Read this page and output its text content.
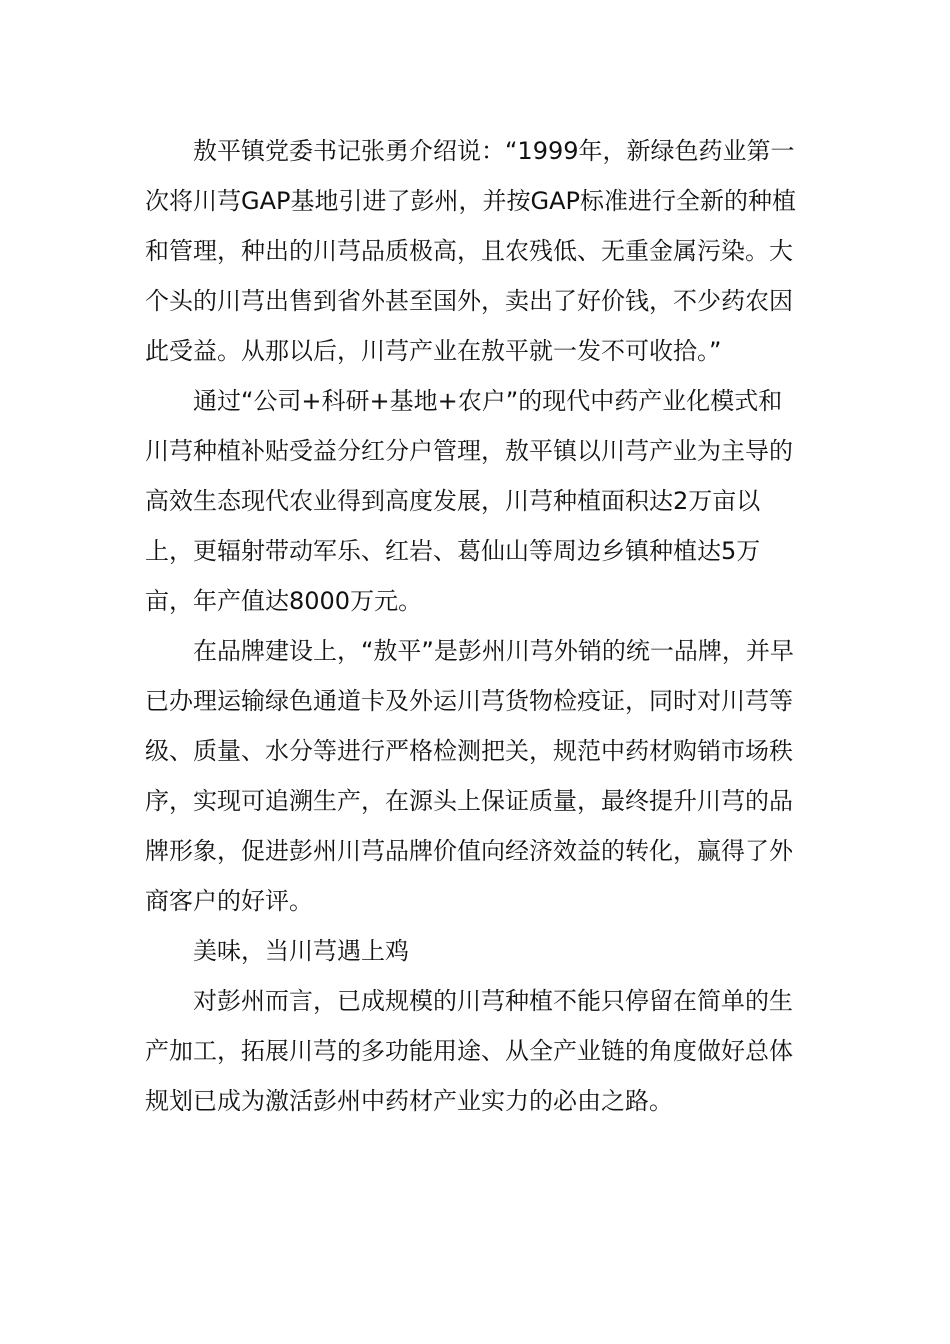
敖平镇党委书记张勇介绍说：“1999年，新绿色药业第一次将川芎GAP基地引进了彭州，并按GAP标准进行全新的种植和管理，种出的川芎品质极高，且农残低、无重金属污染。大个头的川芎出售到省外甚至国外，卖出了好价钱，不少药农因此受益。从那以后，川芎产业在敖平就一发不可收拾。”

通过“公司+科研+基地+农户”的现代中药产业化模式和川芎种植补贴受益分红分户管理，敖平镇以川芎产业为主导的高效生态现代农业得到高度发展，川芎种植面积达2万亩以上，更辐射带动军乐、红岩、葛仙山等周边乡镇种植达5万亩，年产值达8000万元。

在品牌建设上，“敖平”是彭州川芎外销的统一品牌，并早已办理运输绿色通道卡及外运川芎货物检疫证，同时对川芎等级、质量、水分等进行严格检测把关，规范中药材购销市场秩序，实现可追溯生产，在源头上保证质量，最终提升川芎的品牌形象，促进彭州川芎品牌价值向经济效益的转化，赢得了外商客户的好评。

美味，当川芎遇上鸡

对彭州而言，已成规模的川芎种植不能只停留在简单的生产加工，拓展川芎的多功能用途、从全产业链的角度做好总体规划已成为激活彭州中药材产业实力的必由之路。
